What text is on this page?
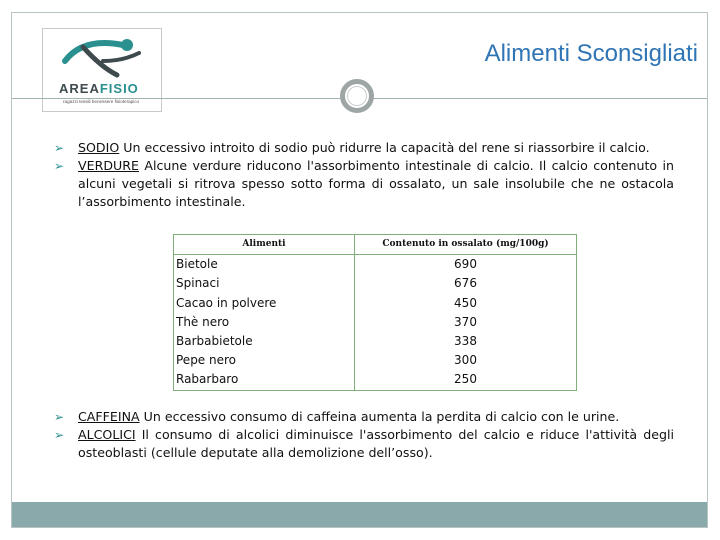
AREAFISIO
ragazzi tessili benessere fisioterapico
Alimenti Sconsigliati
➢ SODIO Un eccessivo introito di sodio può ridurre la capacità del rene si riassorbire il calcio.
➢ VERDURE Alcune verdure riducono l'assorbimento intestinale di calcio. Il calcio contenuto in alcuni vegetali si ritrova spesso sotto forma di ossalato, un sale insolubile che ne ostacola l’assorbimento intestinale.
Alimenti	Contenuto in ossalato (mg/100g)
Bietole	690
Spinaci	676
Cacao in polvere	450
Thè nero	370
Barbabietole	338
Pepe nero	300
Rabarbaro	250
➢ CAFFEINA Un eccessivo consumo di caffeina aumenta la perdita di calcio con le urine.
➢ ALCOLICI Il consumo di alcolici diminuisce l'assorbimento del calcio e riduce l'attività degli osteoblasti (cellule deputate alla demolizione dell’osso).
